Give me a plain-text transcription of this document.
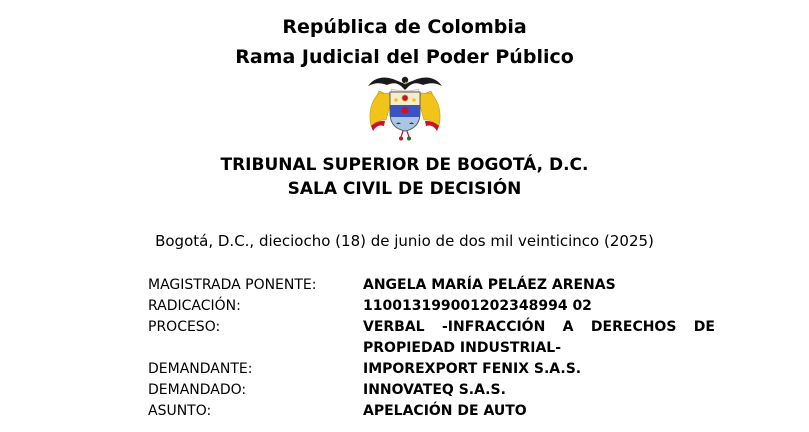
República de Colombia
Rama Judicial del Poder Público
TRIBUNAL SUPERIOR DE BOGOTÁ, D.C.
SALA CIVIL DE DECISIÓN
Bogotá, D.C., dieciocho (18) de junio de dos mil veinticinco (2025)
MAGISTRADA PONENTE:	ANGELA MARÍA PELÁEZ ARENAS
RADICACIÓN:	110013199001202348994 02
PROCESO:	VERBAL -INFRACCIÓN A DERECHOS DE PROPIEDAD INDUSTRIAL-
DEMANDANTE:	IMPOREXPORT FENIX S.A.S.
DEMANDADO:	INNOVATEQ S.A.S.
ASUNTO:	APELACIÓN DE AUTO
